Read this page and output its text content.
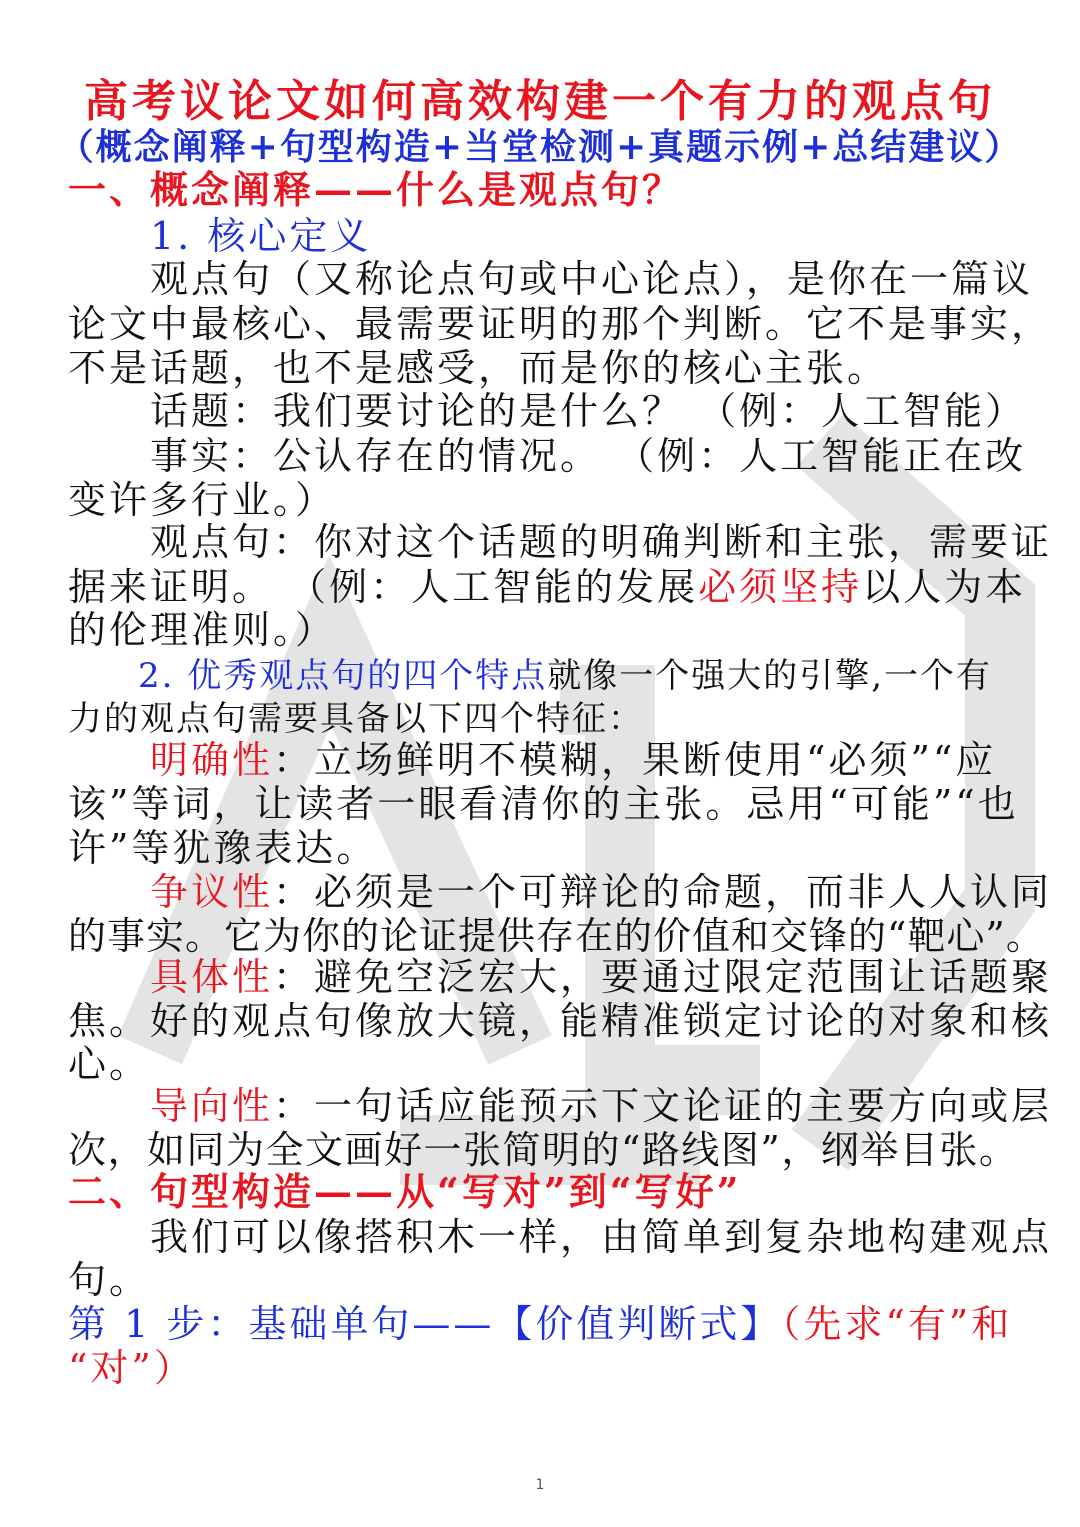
高考议论文如何高效构建一个有力的观点句
（概念阐释+句型构造+当堂检测+真题示例+总结建议）
一、概念阐释——什么是观点句？
1. 核心定义
观点句（又称论点句或中心论点），是你在一篇议
论文中最核心、最需要证明的那个判断。它不是事实，
不是话题，也不是感受，而是你的核心主张。
话题：我们要讨论的是什么？ （例：人工智能）
事实：公认存在的情况。 （例：人工智能正在改
变许多行业。）
观点句：你对这个话题的明确判断和主张，需要证
据来证明。 （例：人工智能的发展必须坚持以人为本
的伦理准则。）
2. 优秀观点句的四个特点就像一个强大的引擎,一个有
力的观点句需要具备以下四个特征：
明确性：立场鲜明不模糊，果断使用“必须”“应
该”等词，让读者一眼看清你的主张。忌用“可能”“也
许”等犹豫表达。
争议性：必须是一个可辩论的命题，而非人人认同
的事实。它为你的论证提供存在的价值和交锋的“靶心”。
具体性：避免空泛宏大，要通过限定范围让话题聚
焦。好的观点句像放大镜，能精准锁定讨论的对象和核
心。
导向性：一句话应能预示下文论证的主要方向或层
次，如同为全文画好一张简明的“路线图”，纲举目张。
二、句型构造——从“写对”到“写好”
我们可以像搭积木一样，由简单到复杂地构建观点
句。
第 1 步：基础单句——【价值判断式】（先求“有”和
“对”）
1
